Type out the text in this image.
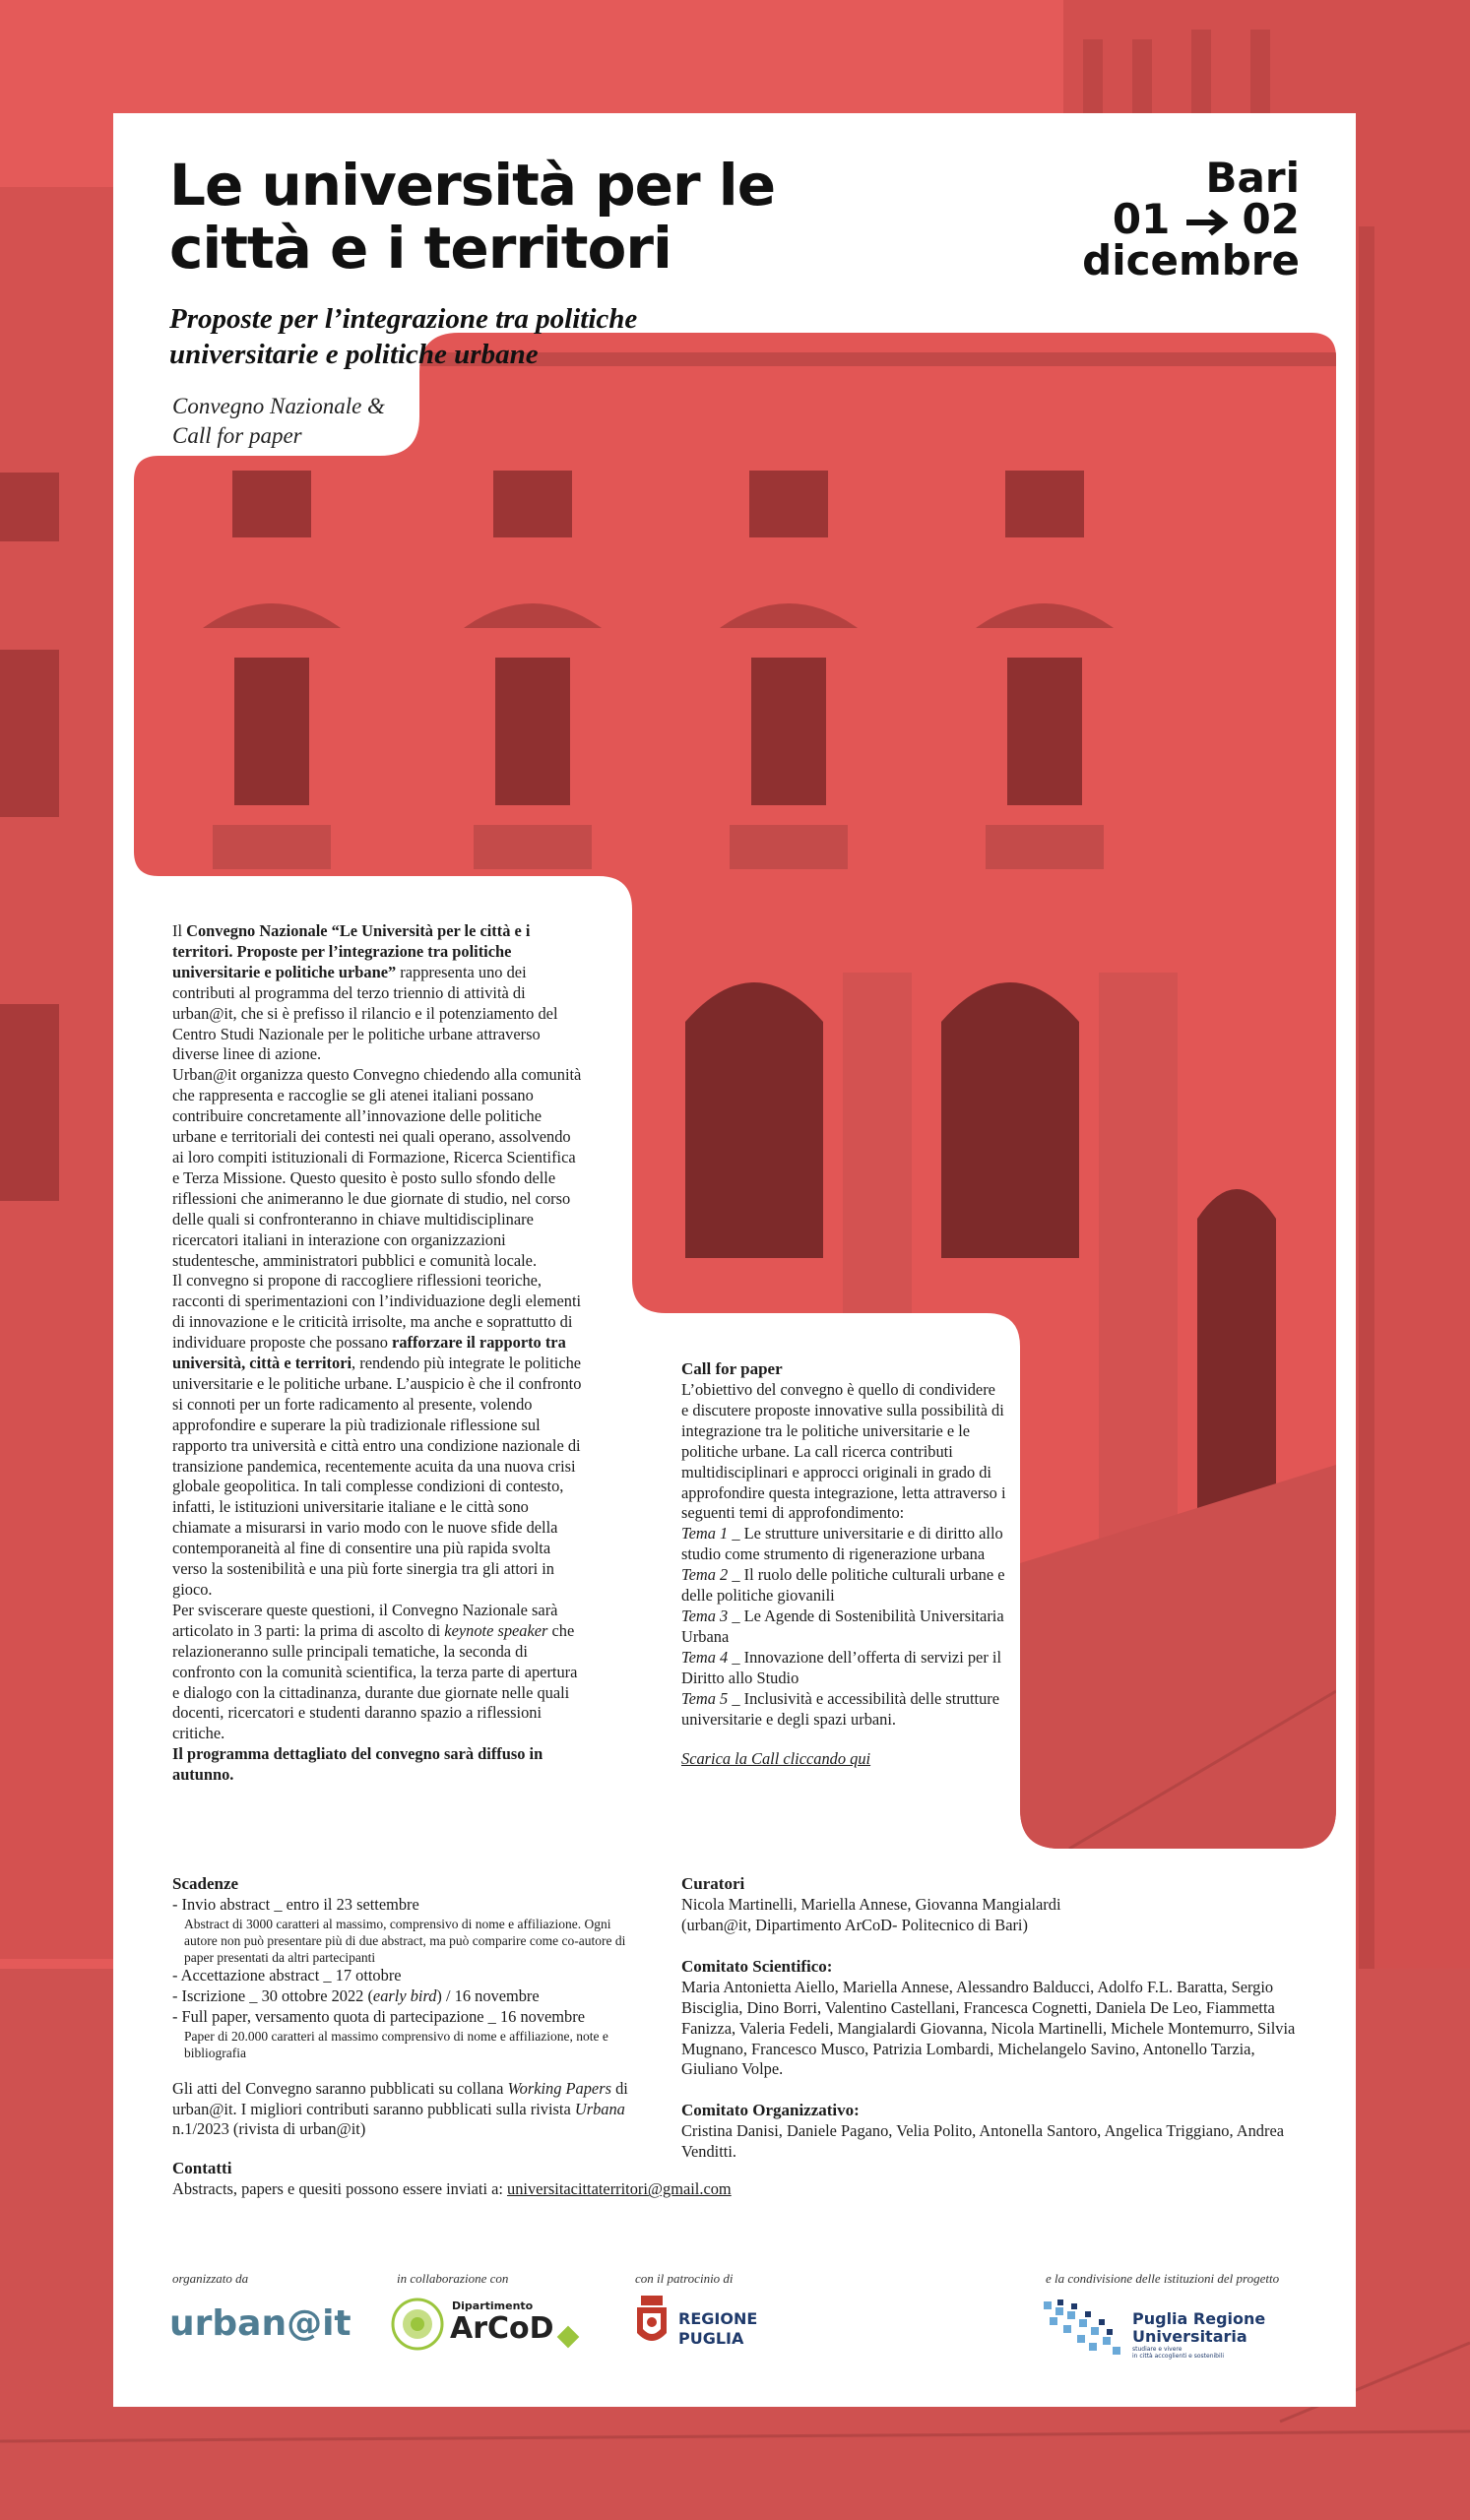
Le università per le città e i territori
Proposte per l’integrazione tra politiche universitarie e politiche urbane
Convegno Nazionale & Call for paper
Bari
01 02
dicembre

Il Convegno Nazionale “Le Università per le città e i territori. Proposte per l’integrazione tra politiche universitarie e politiche urbane” rappresenta uno dei contributi al programma del terzo triennio di attività di urban@it, che si è prefisso il rilancio e il potenziamento del Centro Studi Nazionale per le politiche urbane attraverso diverse linee di azione.

Urban@it organizza questo Convegno chiedendo alla comunità che rappresenta e raccoglie se gli atenei italiani possano contribuire concretamente all’innovazione delle politiche urbane e territoriali dei contesti nei quali operano, assolvendo ai loro compiti istituzionali di Formazione, Ricerca Scientifica e Terza Missione. Questo quesito è posto sullo sfondo delle riflessioni che animeranno le due giornate di studio, nel corso delle quali si confronteranno in chiave multidisciplinare ricercatori italiani in interazione con organizzazioni studentesche, amministratori pubblici e comunità locale.

Il convegno si propone di raccogliere riflessioni teoriche, racconti di sperimentazioni con l’individuazione degli elementi di innovazione e le criticità irrisolte, ma anche e soprattutto di individuare proposte che possano rafforzare il rapporto tra università, città e territori, rendendo più integrate le politiche universitarie e le politiche urbane. L’auspicio è che il confronto si connoti per un forte radicamento al presente, volendo approfondire e superare la più tradizionale riflessione sul rapporto tra università e città entro una condizione nazionale di transizione pandemica, recentemente acuita da una nuova crisi globale geopolitica. In tali complesse condizioni di contesto, infatti, le istituzioni universitarie italiane e le città sono chiamate a misurarsi in vario modo con le nuove sfide della contemporaneità al fine di consentire una più rapida svolta verso la sostenibilità e una più forte sinergia tra gli attori in gioco.

Per sviscerare queste questioni, il Convegno Nazionale sarà articolato in 3 parti: la prima di ascolto di keynote speaker che relazioneranno sulle principali tematiche, la seconda di confronto con la comunità scientifica, la terza parte di apertura e dialogo con la cittadinanza, durante due giornate nelle quali docenti, ricercatori e studenti daranno spazio a riflessioni critiche.

Il programma dettagliato del convegno sarà diffuso in autunno.

Call for paper

L’obiettivo del convegno è quello di condividere e discutere proposte innovative sulla possibilità di integrazione tra le politiche universitarie e le politiche urbane. La call ricerca contributi multidisciplinari e approcci originali in grado di approfondire questa integrazione, letta attraverso i seguenti temi di approfondimento:

Tema 1 _ Le strutture universitarie e di diritto allo studio come strumento di rigenerazione urbana

Tema 2 _ Il ruolo delle politiche culturali urbane e delle politiche giovanili

Tema 3 _ Le Agende di Sostenibilità Universitaria Urbana

Tema 4 _ Innovazione dell’offerta di servizi per il Diritto allo Studio

Tema 5 _ Inclusività e accessibilità delle strutture universitarie e degli spazi urbani.

Scarica la Call cliccando qui

Scadenze

- Invio abstract _ entro il 23 settembre

Abstract di 3000 caratteri al massimo, comprensivo di nome e affiliazione. Ogni autore non può presentare più di due abstract, ma può comparire come co-autore di paper presentati da altri partecipanti

- Accettazione abstract _ 17 ottobre

- Iscrizione _ 30 ottobre 2022 (early bird) / 16 novembre

- Full paper, versamento quota di partecipazione _ 16 novembre

Paper di 20.000 caratteri al massimo comprensivo di nome e affiliazione, note e bibliografia

Gli atti del Convegno saranno pubblicati su collana Working Papers di urban@it. I migliori contributi saranno pubblicati sulla rivista Urbana n.1/2023 (rivista di urban@it)

Contatti

Abstracts, papers e quesiti possono essere inviati a: universitacittaterritori@gmail.com

Curatori

Nicola Martinelli, Mariella Annese, Giovanna Mangialardi

(urban@it, Dipartimento ArCoD- Politecnico di Bari)

Comitato Scientifico:

Maria Antonietta Aiello, Mariella Annese, Alessandro Balducci, Adolfo F.L. Baratta, Sergio Bisciglia, Dino Borri, Valentino Castellani, Francesca Cognetti, Daniela De Leo, Fiammetta Fanizza, Valeria Fedeli, Mangialardi Giovanna, Nicola Martinelli, Michele Montemurro, Silvia Mugnano, Francesco Musco, Patrizia Lombardi, Michelangelo Savino, Antonello Tarzia, Giuliano Volpe.

Comitato Organizzativo:

Cristina Danisi, Daniele Pagano, Velia Polito, Antonella Santoro, Angelica Triggiano, Andrea Venditti.

organizzato da	in collaborazione con	con il patrocinio di	e la condivisione delle istituzioni del progetto
urban@it	Dipartimento
ArCoD	REGIONE
PUGLIA
Puglia Regione
Universitaria
studiare e vivere
in città accoglienti e sostenibili
